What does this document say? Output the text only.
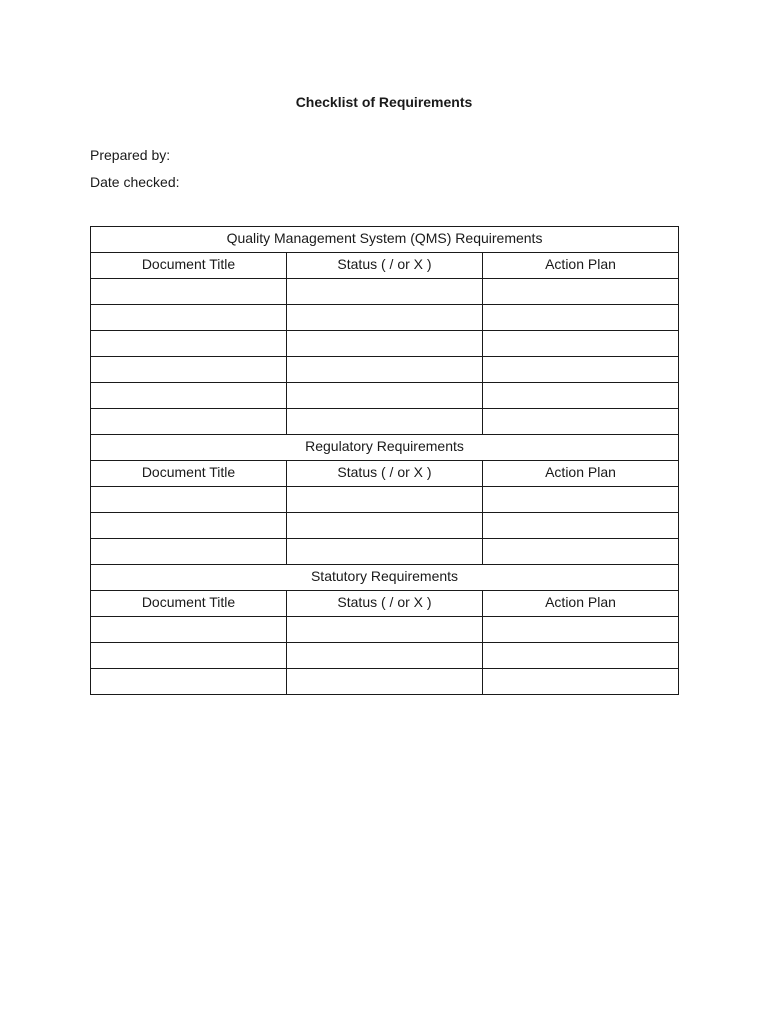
Checklist of Requirements
Prepared by:
Date checked:
Quality Management System (QMS) Requirements		
Document Title	Status ( / or X )	Action Plan

Regulatory Requirements		
Document Title	Status ( / or X )	Action Plan

Statutory Requirements		
Document Title	Status ( / or X )	Action Plan
